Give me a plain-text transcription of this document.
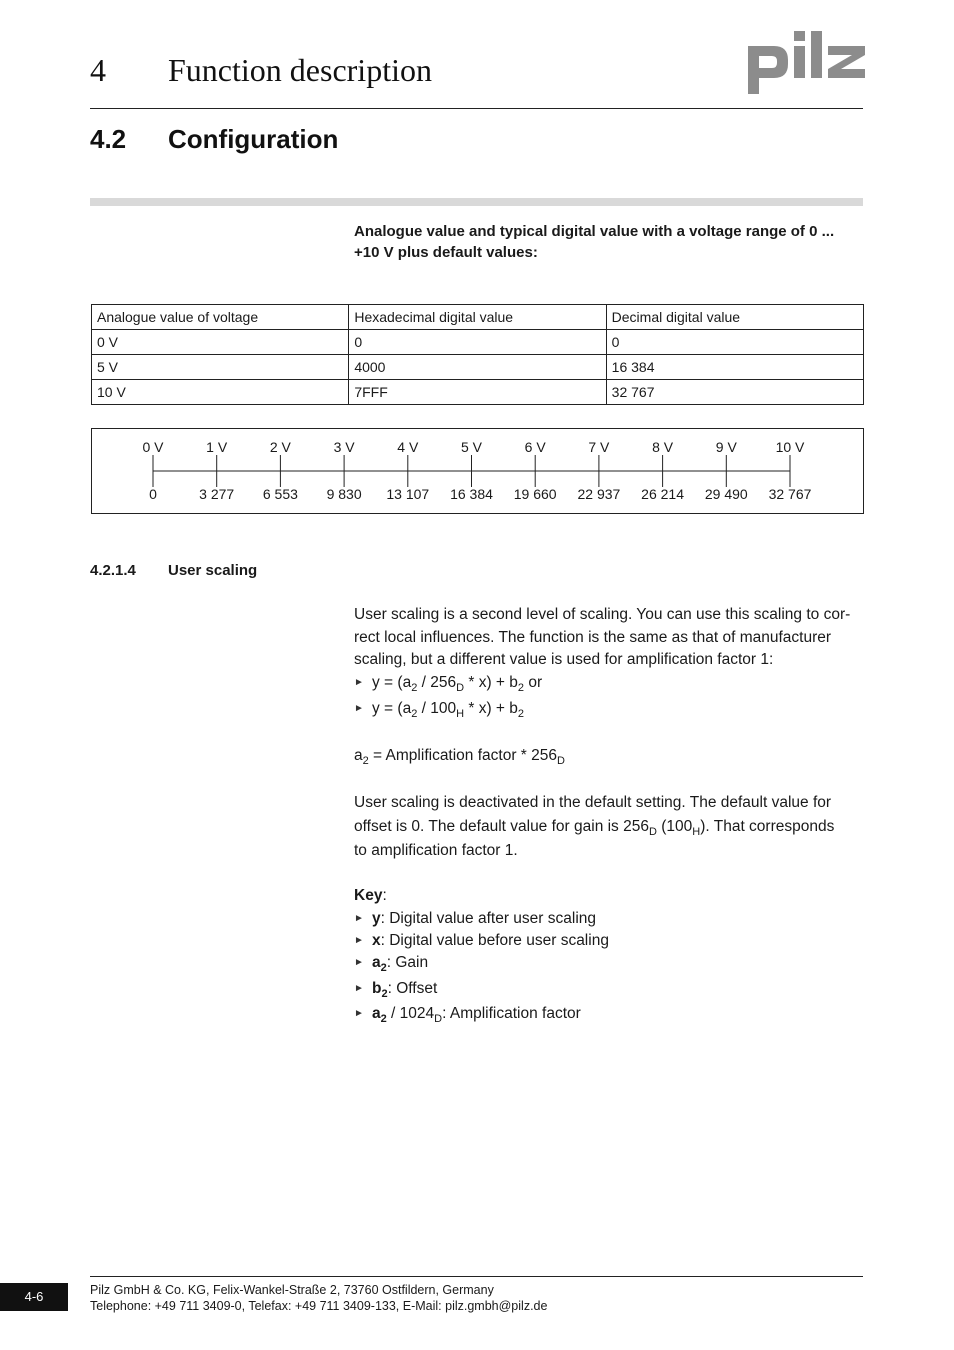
4 Function description
4.2 Configuration
Analogue value and typical digital value with a voltage range of 0 ... +10 V plus default values:
Analogue value of voltage	Hexadecimal digital value	Decimal digital value
0 V	0	0
5 V	4000	16 384
10 V	7FFF	32 767
0 V
0
1 V
3 277
2 V
6 553
3 V
9 830
4 V
13 107
5 V
16 384
6 V
19 660
7 V
22 937
8 V
26 214
9 V
29 490
10 V
32 767
4.2.1.4 User scaling
User scaling is a second level of scaling. You can use this scaling to cor-
rect local influences. The function is the same as that of manufacturer
scaling, but a different value is used for amplification factor 1:
► $y = (a_2 / 256_D * x) + b_2$ or
► $y = (a_2 / 100_H * x) + b_2$
$a_2$ = Amplification factor * $256_D$
User scaling is deactivated in the default setting. The default value for
offset is 0. The default value for gain is $256_D$ $(100_H)$. That corresponds
to amplification factor 1.
Key:
► y: Digital value after user scaling
► x: Digital value before user scaling
► $a_2$: Gain
► $b_2$: Offset
► $a_2 / 1024_D$: Amplification factor
4-6	Pilz GmbH & Co. KG, Felix-Wankel-Straße 2, 73760 Ostfildern, Germany
Telephone: +49 711 3409-0, Telefax: +49 711 3409-133, E-Mail: pilz.gmbh@pilz.de
